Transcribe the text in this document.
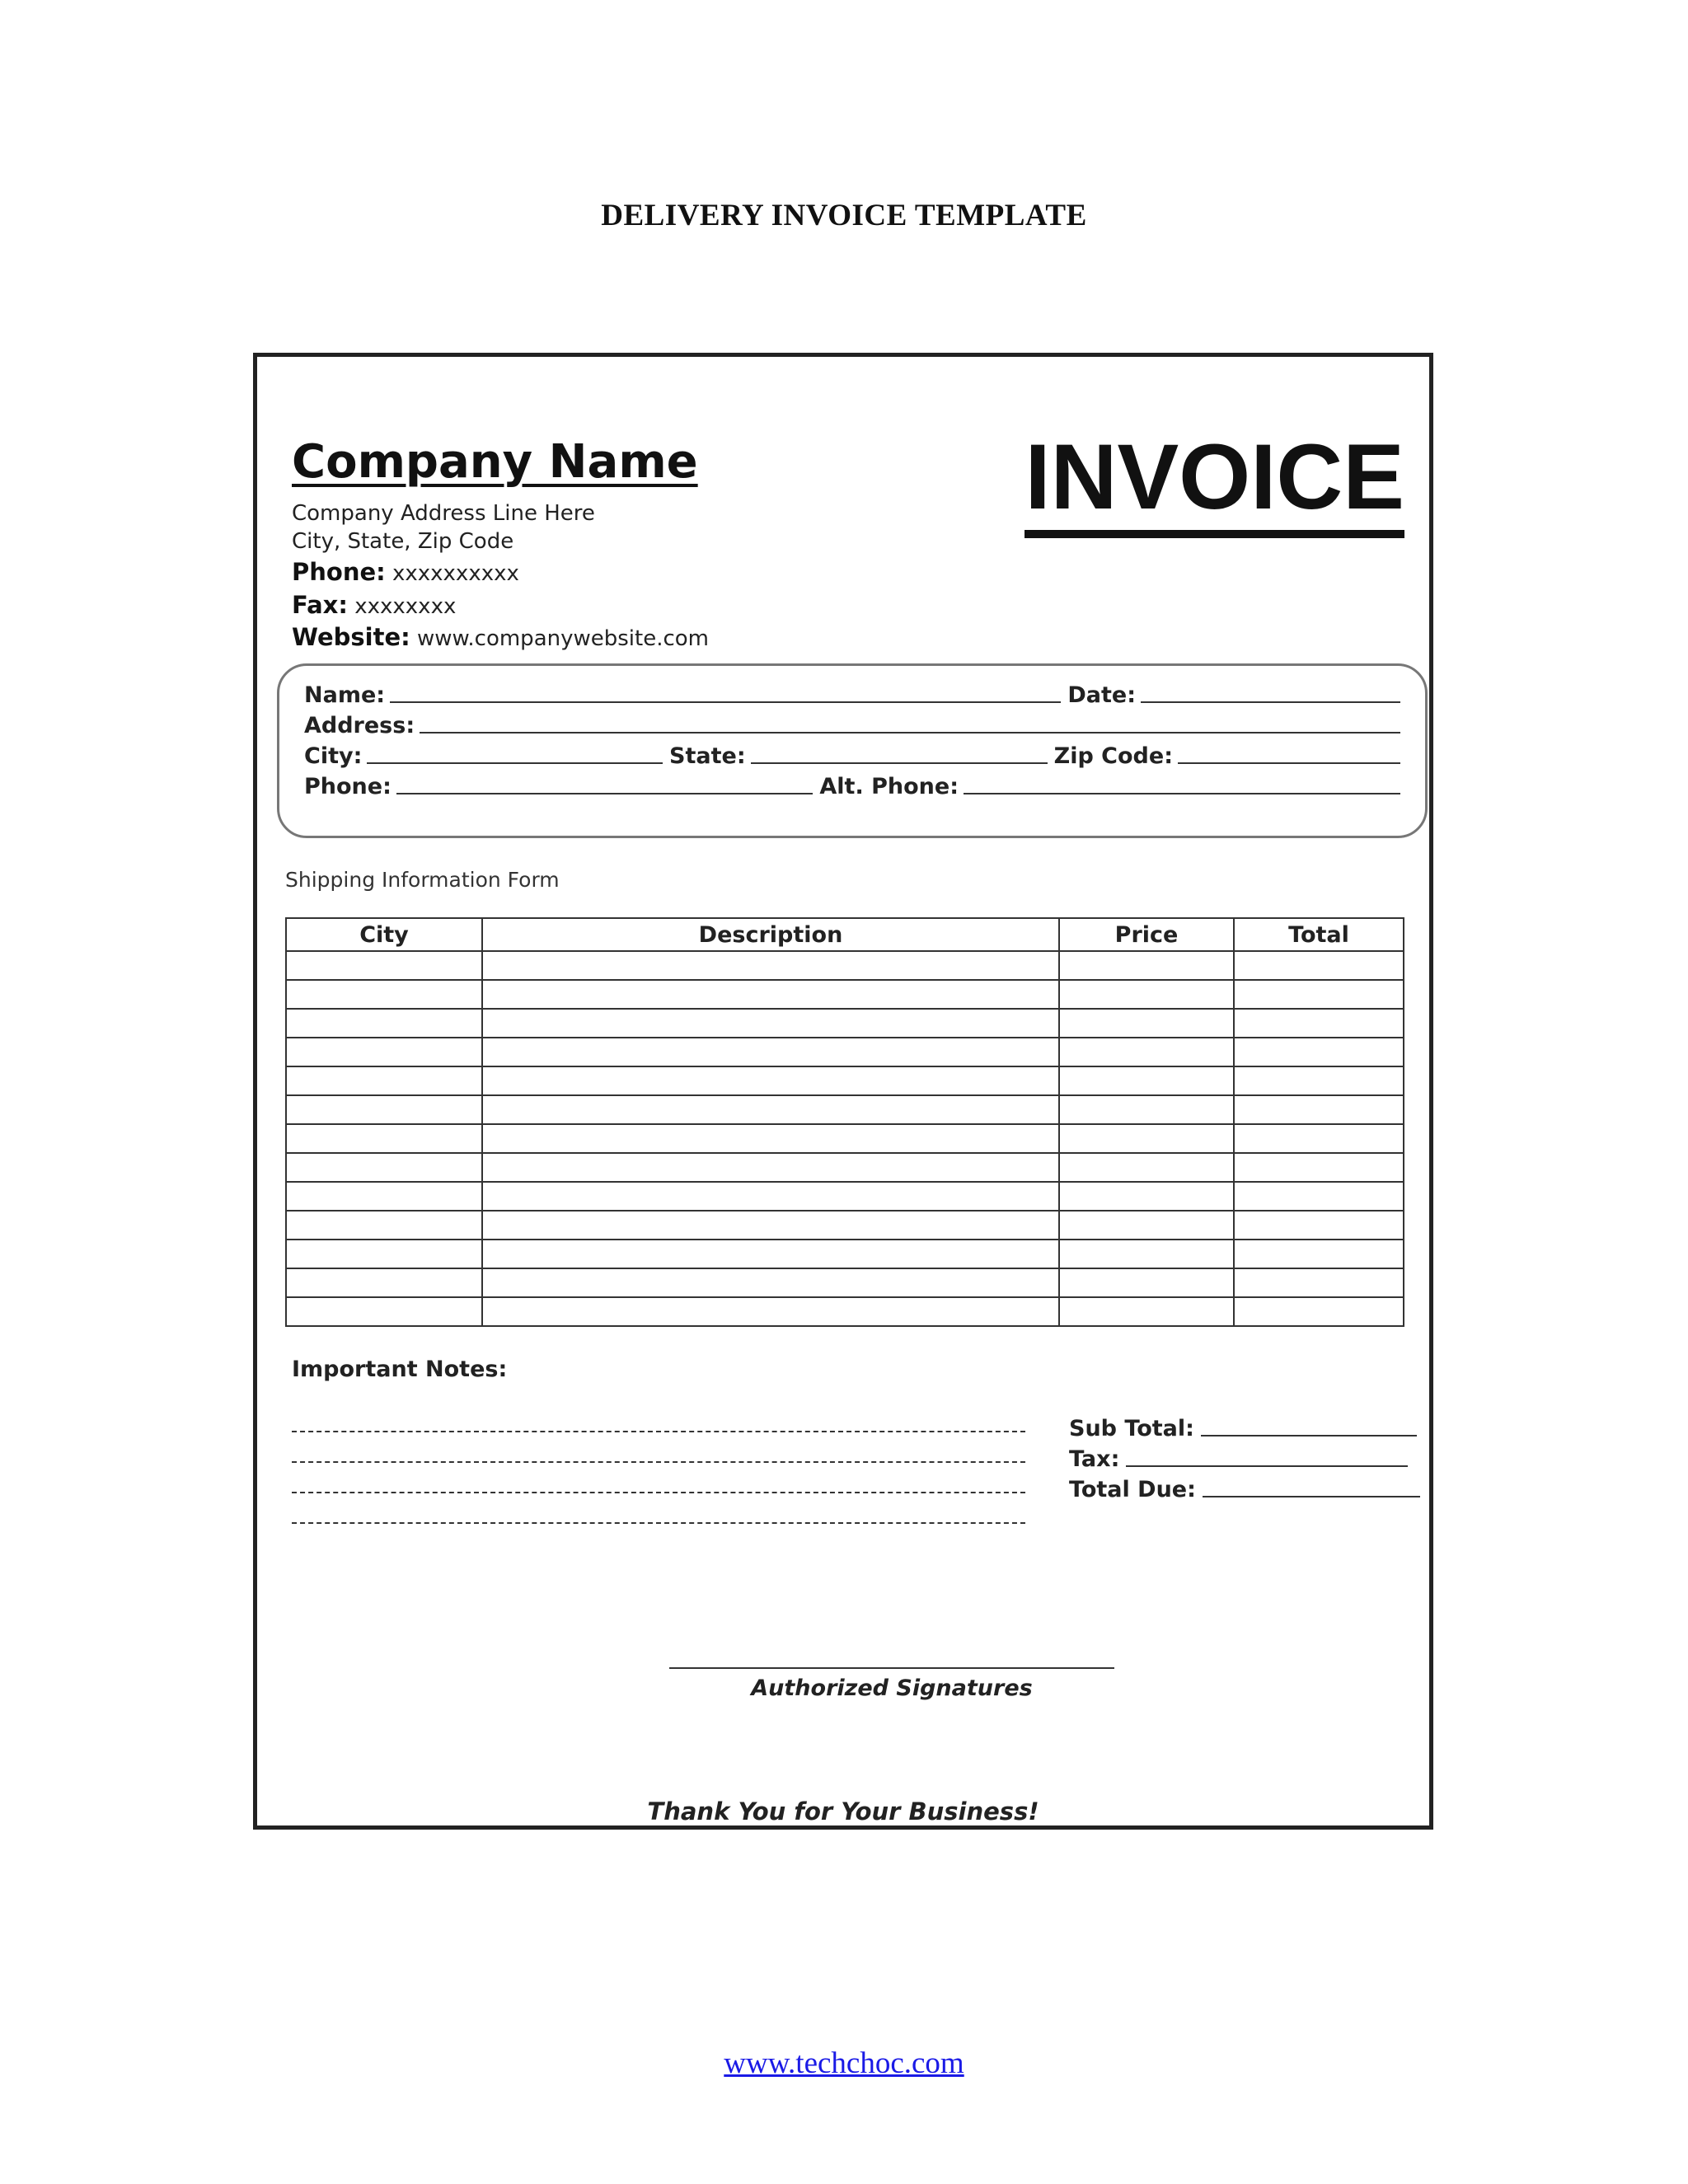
DELIVERY INVOICE TEMPLATE
Company Name	INVOICE
Company Address Line Here
City, State, Zip Code
Phone: xxxxxxxxxx
Fax: xxxxxxxx
Website: www.companywebsite.com
Name:	Date:
Address:
City:	State:	Zip Code:
Phone:	Alt. Phone:
Shipping Information Form
City	Description	Price	Total

Important Notes:
Sub Total:
Tax:
Total Due:
Authorized Signatures
Thank You for Your Business!
www.techchoc.com
